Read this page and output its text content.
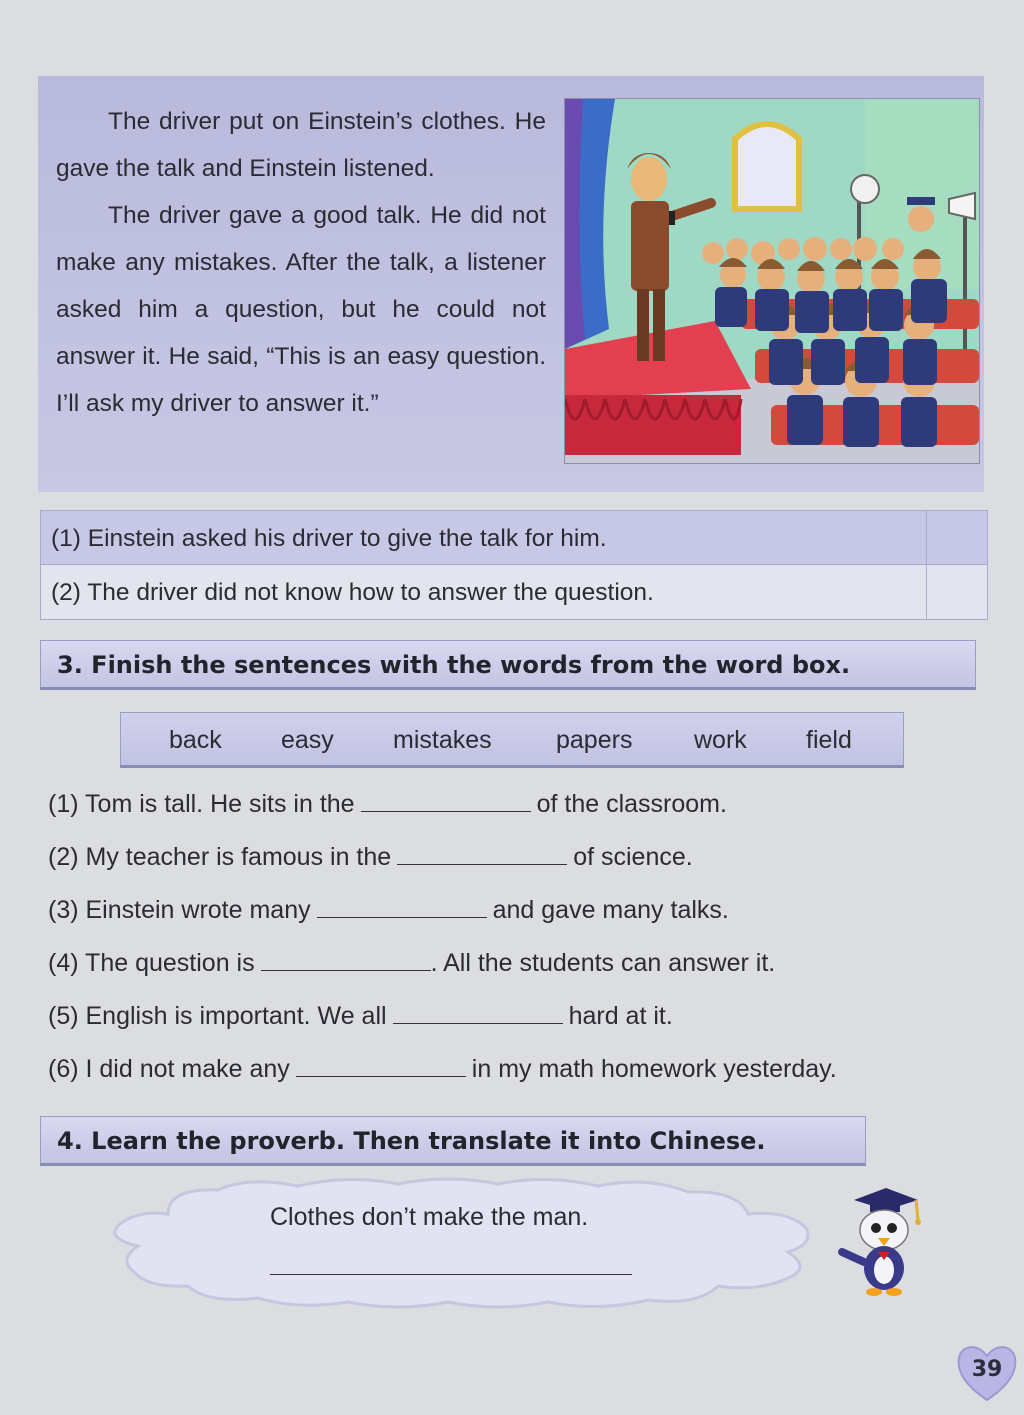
The driver put on Einstein’s clothes. He gave the talk and Einstein listened.

The driver gave a good talk. He did not make any mistakes. After the talk, a listener asked him a question, but he could not answer it. He said, “This is an easy question. I’ll ask my driver to answer it.”

(1) Einstein asked his driver to give the talk for him.
(2) The driver did not know how to answer the question.
3. Finish the sentences with the words from the word box.
back easy mistakes	papers work field
(1) Tom is tall. He sits in the	of the classroom.
(2) My teacher is famous in the	of science.
(3) Einstein wrote many	and gave many talks.
(4) The question is	. All the students can answer it.
(5) English is important. We all	hard at it.
(6) I did not make any	in my math homework yesterday.
4. Learn the proverb. Then translate it into Chinese.
Clothes don’t make the man.
39
